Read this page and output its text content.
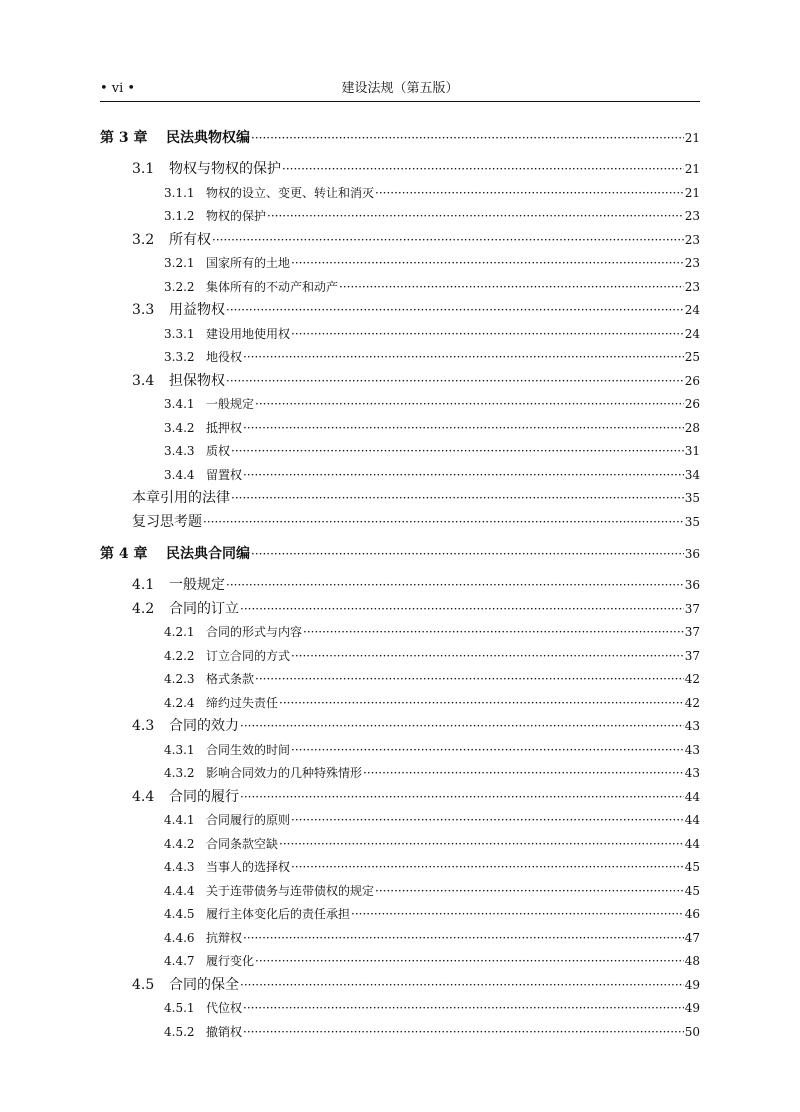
• vi •	建设法规（第五版）
第 3 章 民法典物权编 ·····	21
3.1 物权与物权的保护 ·····	21
3.1.1 物权的设立、变更、转让和消灭 ·····	21
3.1.2 物权的保护 ·····	23
3.2 所有权 ·····	23
3.2.1 国家所有的土地 ·····	23
3.2.2 集体所有的不动产和动产 ·····	23
3.3 用益物权 ·····	24
3.3.1 建设用地使用权 ·····	24
3.3.2 地役权 ·····	25
3.4 担保物权 ·····	26
3.4.1 一般规定 ·····	26
3.4.2 抵押权 ·····	28
3.4.3 质权 ·····	31
3.4.4 留置权 ·····	34
本章引用的法律 ·····	35
复习思考题 ·····	35
第 4 章 民法典合同编 ·····	36
4.1 一般规定 ·····	36
4.2 合同的订立 ·····	37
4.2.1 合同的形式与内容 ·····	37
4.2.2 订立合同的方式 ·····	37
4.2.3 格式条款 ·····	42
4.2.4 缔约过失责任 ·····	42
4.3 合同的效力 ·····	43
4.3.1 合同生效的时间 ·····	43
4.3.2 影响合同效力的几种特殊情形 ·····	43
4.4 合同的履行 ·····	44
4.4.1 合同履行的原则 ·····	44
4.4.2 合同条款空缺 ·····	44
4.4.3 当事人的选择权 ·····	45
4.4.4 关于连带债务与连带债权的规定 ·····	45
4.4.5 履行主体变化后的责任承担 ·····	46
4.4.6 抗辩权 ·····	47
4.4.7 履行变化 ·····	48
4.5 合同的保全 ·····	49
4.5.1 代位权 ·····	49
4.5.2 撤销权 ·····	50
